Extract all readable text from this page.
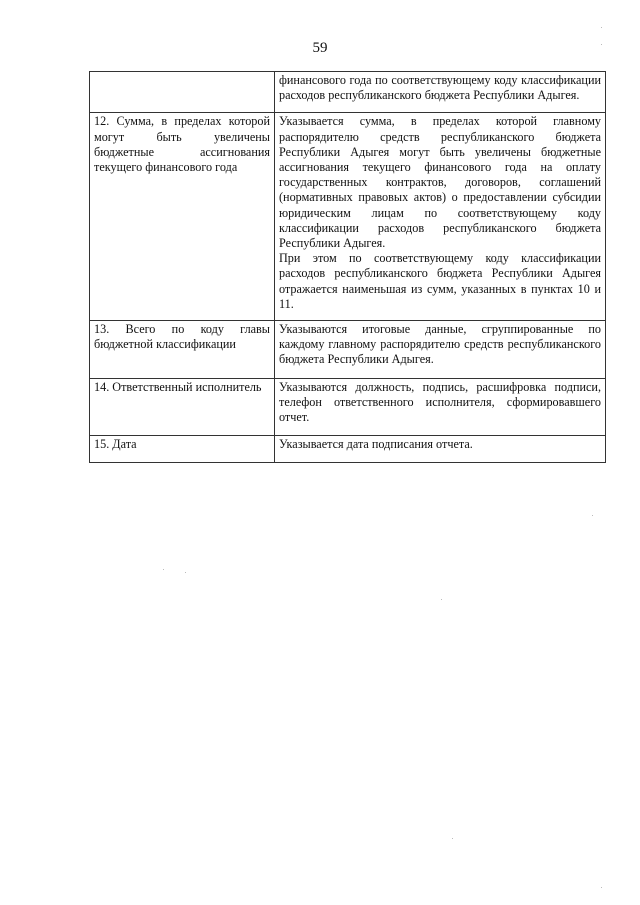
59

	финансового года по соответствующему коду классификации расходов республиканского бюджета Республики Адыгея.

12. Сумма, в пределах которой могут быть увеличены бюджетные ассигнования текущего финансового года	Указывается сумма, в пределах которой главному распорядителю средств республиканского бюджета Республики Адыгея могут быть увеличены бюджетные ассигнования текущего финансового года на оплату государственных контрактов, договоров, соглашений (нормативных правовых актов) о предоставлении субсидии юридическим лицам по соответствующему коду классификации расходов республиканского бюджета Республики Адыгея.

При этом по соответствующему коду классификации расходов республиканского бюджета Республики Адыгея отражается наименьшая из сумм, указанных в пунктах 10 и 11.

13. Всего по коду главы бюджетной классификации	Указываются итоговые данные, сгруппированные по каждому главному распорядителю средств республиканского бюджета Республики Адыгея.

14. Ответственный исполнитель	Указываются должность, подпись, расшифровка подписи, телефон ответственного исполнителя, сформировавшего отчет.

15. Дата	Указывается дата подписания отчета.
